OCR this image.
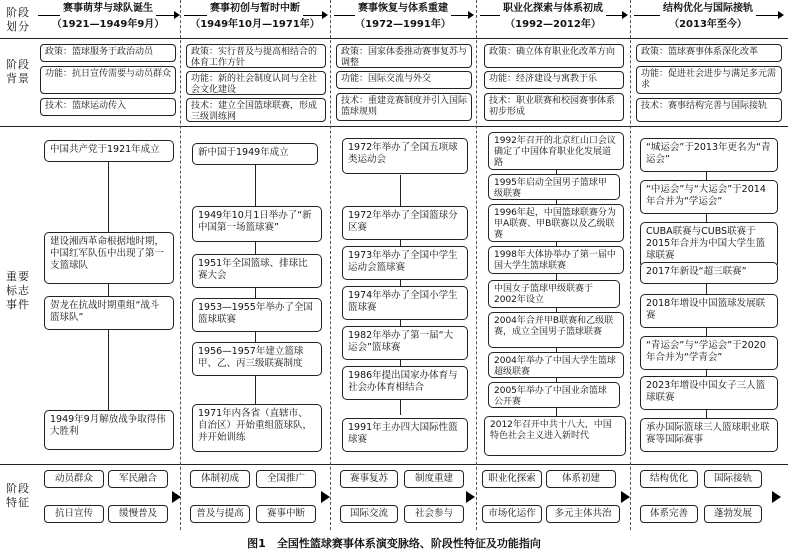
阶段划分
阶段背景
重要标志事件
阶段特征
赛事萌芽与球队诞生
（1921—1949年9月）
政策：篮球服务于政治动员
功能：抗日宣传需要与动员群众
技术：篮球运动传入
中国共产党于1921年成立
建设湘西革命根据地时期，中国红军队伍中出现了第一支篮球队
贺龙在抗战时期重组“战斗篮球队”
1949年9月解放战争取得伟大胜利
动员群众	军民融合
抗日宣传	缓慢普及
赛事初创与暂时中断
（1949年10月—1971年）
政策：实行普及与提高相结合的体育工作方针
功能：新的社会制度认同与全社会文化建设
技术：建立全国篮球联赛，形成三级训练网
新中国于1949年成立
1949年10月1日举办了“新中国第一场篮球赛”
1951年全国篮球、排球比赛大会
1953—1955年举办了全国篮球联赛
1956—1957年建立篮球甲、乙、丙三级联赛制度
1971年内各省（直辖市、自治区）开始重组篮球队，并开始训练
体制初成	全国推广
普及与提高	赛事中断
赛事恢复与体系重建
（1972—1991年）
政策：国家体委推动赛事复苏与调整
功能：国际交流与外交
技术：重建竞赛制度并引入国际篮球规则
1972年举办了全国五项球类运动会
1972年举办了全国篮球分区赛
1973年举办了全国中学生运动会篮球赛
1974年举办了全国小学生篮球赛
1982年举办了第一届“大运会”篮球赛
1986年提出国家办体育与社会办体育相结合
1991年主办四大国际性篮球赛
赛事复苏	制度重建
国际交流	社会参与
职业化探索与体系初成
（1992—2012年）
政策：确立体育职业化改革方向
功能：经济建设与寓教于乐
技术：职业联赛和校园赛事体系初步形成
1992年召开的北京红山口会议确定了中国体育职业化发展道路
1995年启动全国男子篮球甲级联赛
1996年起，中国篮球联赛分为甲A联赛、甲B联赛以及乙级联赛
1998年大体协举办了第一届中国大学生篮球联赛
中国女子篮球甲级联赛于2002年设立
2004年合并甲B联赛和乙级联赛，成立全国男子篮球联赛
2004年举办了中国大学生篮球超级联赛
2005年举办了中国业余篮球公开赛
2012年召开中共十八大，中国特色社会主义进入新时代
职业化探索	体系初建
市场化运作	多元主体共治
结构优化与国际接轨
（2013年至今）
政策：篮球赛事体系深化改革
功能：促进社会进步与满足多元需求
技术：赛事结构完善与国际接轨
“城运会”于2013年更名为“青运会”
“中运会”与“大运会”于2014年合并为“学运会”
CUBA联赛与CUBS联赛于2015年合并为中国大学生篮球联赛
2017年新设“超三联赛”
2018年增设中国篮球发展联赛
“青运会”与“学运会”于2020年合并为“学青会”
2023年增设中国女子三人篮球联赛
承办国际篮球三人篮球职业联赛等国际赛事
结构优化	国际接轨
体系完善	蓬勃发展
图1　全国性篮球赛事体系演变脉络、阶段性特征及功能指向
